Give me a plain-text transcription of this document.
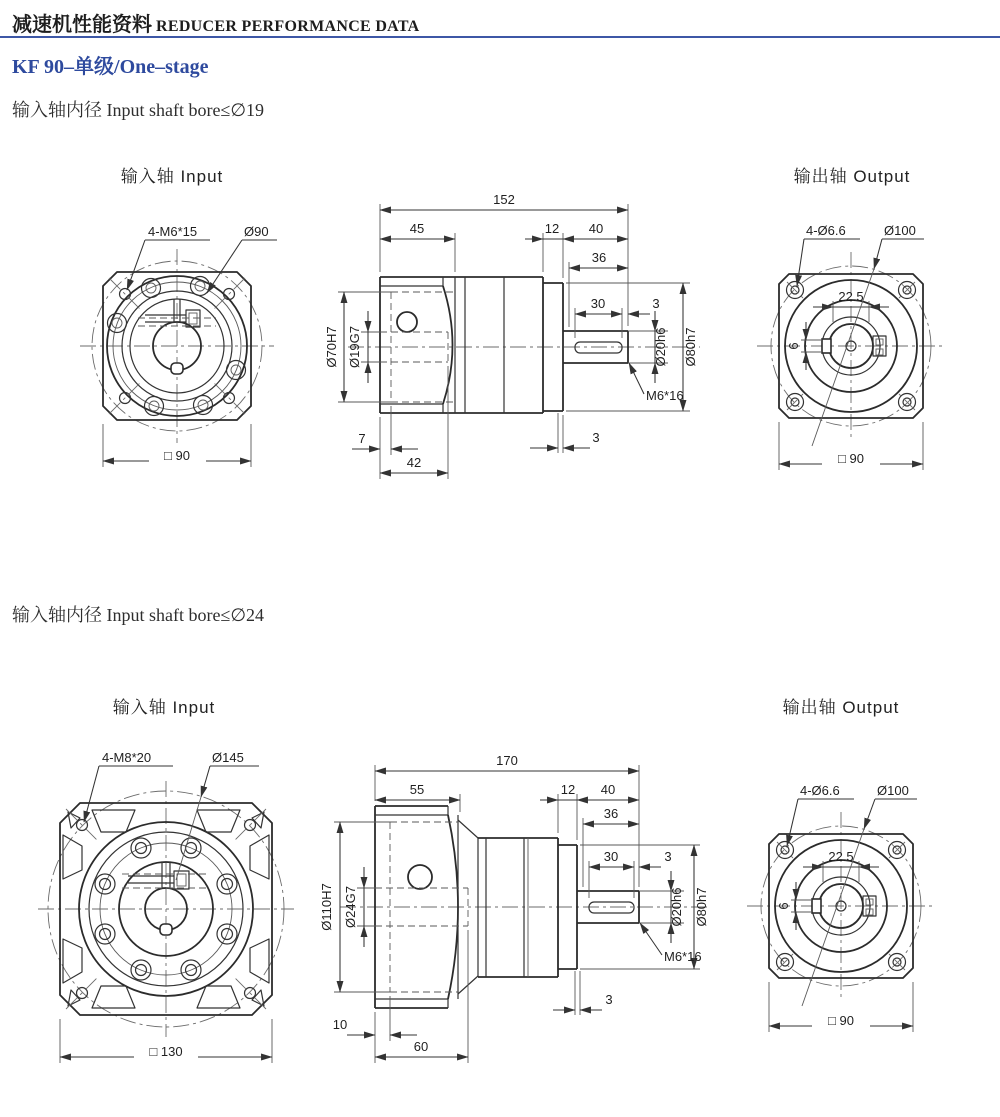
减速机性能资料 REDUCER PERFORMANCE DATA
KF 90–单级/One–stage
输入轴内径 Input shaft bore≤∅19
输入轴内径 Input shaft bore≤∅24
输入轴 Input	输出轴 Output
4-M6*15	Ø90
□ 90
152
45	12 40
36
30	3
Ø70H7 Ø19G7	Ø20h6 Ø80h7
M6*16
7
42
3
22.5
6
4-Ø6.6	Ø100
□ 90
输入轴 Input	输出轴 Output
4-M8*20	Ø145
□ 130
170
55	12 40
36
30	3
Ø110H7 Ø24G7	Ø20h6 Ø80h7
M6*16
10
60
3
22.5
6
4-Ø6.6	Ø100
□ 90
